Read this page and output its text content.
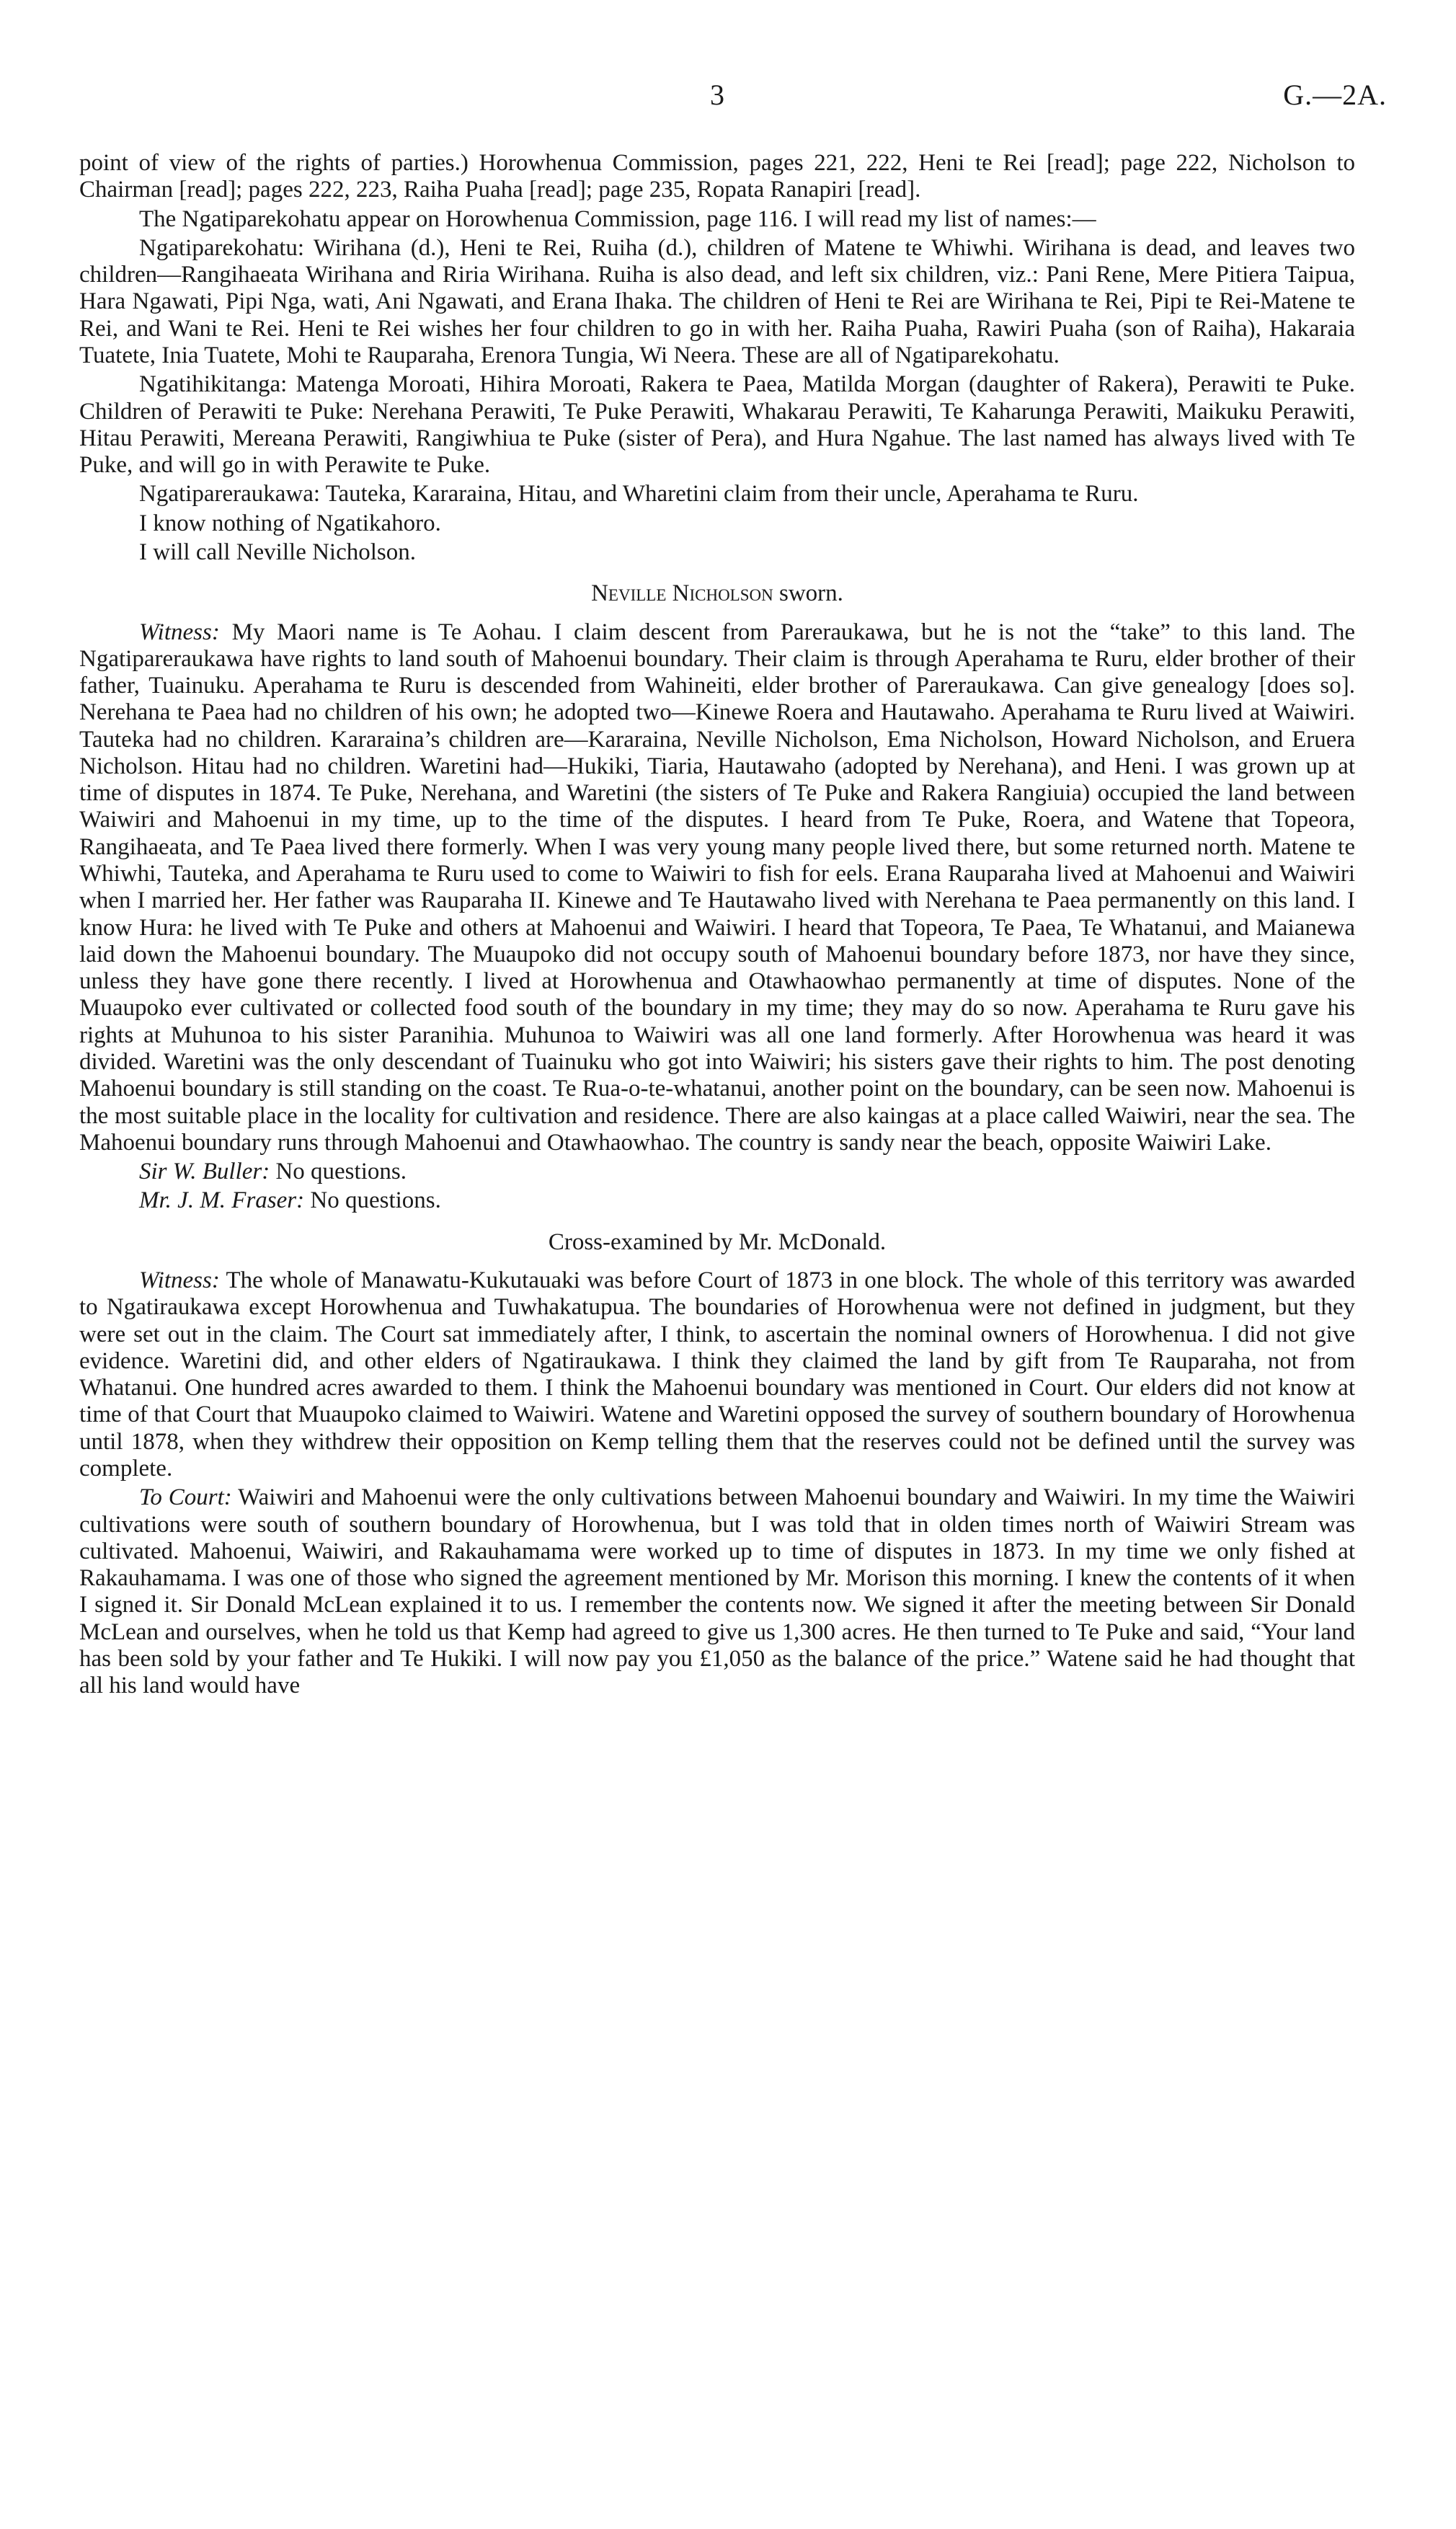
3	G.—2A.

point of view of the rights of parties.) Horowhenua Commission, pages 221, 222, Heni te Rei [read]; page 222, Nicholson to Chairman [read]; pages 222, 223, Raiha Puaha [read]; page 235, Ropata Ranapiri [read].

The Ngatiparekohatu appear on Horowhenua Commission, page 116. I will read my list of names:—

Ngatiparekohatu: Wirihana (d.), Heni te Rei, Ruiha (d.), children of Matene te Whiwhi. Wirihana is dead, and leaves two children—Rangihaeata Wirihana and Riria Wirihana. Ruiha is also dead, and left six children, viz.: Pani Rene, Mere Pitiera Taipua, Hara Ngawati, Pipi Nga, wati, Ani Ngawati, and Erana Ihaka. The children of Heni te Rei are Wirihana te Rei, Pipi te Rei-Matene te Rei, and Wani te Rei. Heni te Rei wishes her four children to go in with her. Raiha Puaha, Rawiri Puaha (son of Raiha), Hakaraia Tuatete, Inia Tuatete, Mohi te Rauparaha, Erenora Tungia, Wi Neera. These are all of Ngatiparekohatu.

Ngatihikitanga: Matenga Moroati, Hihira Moroati, Rakera te Paea, Matilda Morgan (daughter of Rakera), Perawiti te Puke. Children of Perawiti te Puke: Nerehana Perawiti, Te Puke Perawiti, Whakarau Perawiti, Te Kaharunga Perawiti, Maikuku Perawiti, Hitau Perawiti, Mereana Perawiti, Rangiwhiua te Puke (sister of Pera), and Hura Ngahue. The last named has always lived with Te Puke, and will go in with Perawite te Puke.

Ngatipareraukawa: Tauteka, Kararaina, Hitau, and Wharetini claim from their uncle, Aperahama te Ruru.

I know nothing of Ngatikahoro.

I will call Neville Nicholson.

Neville Nicholson sworn.

Witness: My Maori name is Te Aohau. I claim descent from Pareraukawa, but he is not the “take” to this land. The Ngatipareraukawa have rights to land south of Mahoenui boundary. Their claim is through Aperahama te Ruru, elder brother of their father, Tuainuku. Aperahama te Ruru is descended from Wahineiti, elder brother of Pareraukawa. Can give genealogy [does so]. Nerehana te Paea had no children of his own; he adopted two—Kinewe Roera and Hautawaho. Aperahama te Ruru lived at Waiwiri. Tauteka had no children. Kararaina’s children are—Kararaina, Neville Nicholson, Ema Nicholson, Howard Nicholson, and Eruera Nicholson. Hitau had no children. Waretini had—Hukiki, Tiaria, Hautawaho (adopted by Nerehana), and Heni. I was grown up at time of disputes in 1874. Te Puke, Nerehana, and Waretini (the sisters of Te Puke and Rakera Rangiuia) occupied the land between Waiwiri and Mahoenui in my time, up to the time of the disputes. I heard from Te Puke, Roera, and Watene that Topeora, Rangihaeata, and Te Paea lived there formerly. When I was very young many people lived there, but some returned north. Matene te Whiwhi, Tauteka, and Aperahama te Ruru used to come to Waiwiri to fish for eels. Erana Rauparaha lived at Mahoenui and Waiwiri when I married her. Her father was Rauparaha II. Kinewe and Te Hautawaho lived with Nerehana te Paea permanently on this land. I know Hura: he lived with Te Puke and others at Mahoenui and Waiwiri. I heard that Topeora, Te Paea, Te Whatanui, and Maianewa laid down the Mahoenui boundary. The Muaupoko did not occupy south of Mahoenui boundary before 1873, nor have they since, unless they have gone there recently. I lived at Horowhenua and Otawhaowhao permanently at time of disputes. None of the Muaupoko ever cultivated or collected food south of the boundary in my time; they may do so now. Aperahama te Ruru gave his rights at Muhunoa to his sister Paranihia. Muhunoa to Waiwiri was all one land formerly. After Horowhenua was heard it was divided. Waretini was the only descendant of Tuainuku who got into Waiwiri; his sisters gave their rights to him. The post denoting Mahoenui boundary is still standing on the coast. Te Rua-o-te-whatanui, another point on the boundary, can be seen now. Mahoenui is the most suitable place in the locality for cultivation and residence. There are also kaingas at a place called Waiwiri, near the sea. The Mahoenui boundary runs through Mahoenui and Otawhaowhao. The country is sandy near the beach, opposite Waiwiri Lake.

Sir W. Buller: No questions.

Mr. J. M. Fraser: No questions.

Cross-examined by Mr. McDonald.

Witness: The whole of Manawatu-Kukutauaki was before Court of 1873 in one block. The whole of this territory was awarded to Ngatiraukawa except Horowhenua and Tuwhakatupua. The boundaries of Horowhenua were not defined in judgment, but they were set out in the claim. The Court sat immediately after, I think, to ascertain the nominal owners of Horowhenua. I did not give evidence. Waretini did, and other elders of Ngatiraukawa. I think they claimed the land by gift from Te Rauparaha, not from Whatanui. One hundred acres awarded to them. I think the Mahoenui boundary was mentioned in Court. Our elders did not know at time of that Court that Muaupoko claimed to Waiwiri. Watene and Waretini opposed the survey of southern boundary of Horowhenua until 1878, when they withdrew their opposition on Kemp telling them that the reserves could not be defined until the survey was complete.

To Court: Waiwiri and Mahoenui were the only cultivations between Mahoenui boundary and Waiwiri. In my time the Waiwiri cultivations were south of southern boundary of Horowhenua, but I was told that in olden times north of Waiwiri Stream was cultivated. Mahoenui, Waiwiri, and Rakauhamama were worked up to time of disputes in 1873. In my time we only fished at Rakauhamama. I was one of those who signed the agreement mentioned by Mr. Morison this morning. I knew the contents of it when I signed it. Sir Donald McLean explained it to us. I remember the contents now. We signed it after the meeting between Sir Donald McLean and ourselves, when he told us that Kemp had agreed to give us 1,300 acres. He then turned to Te Puke and said, “Your land has been sold by your father and Te Hukiki. I will now pay you £1,050 as the balance of the price.” Watene said he had thought that all his land would have
